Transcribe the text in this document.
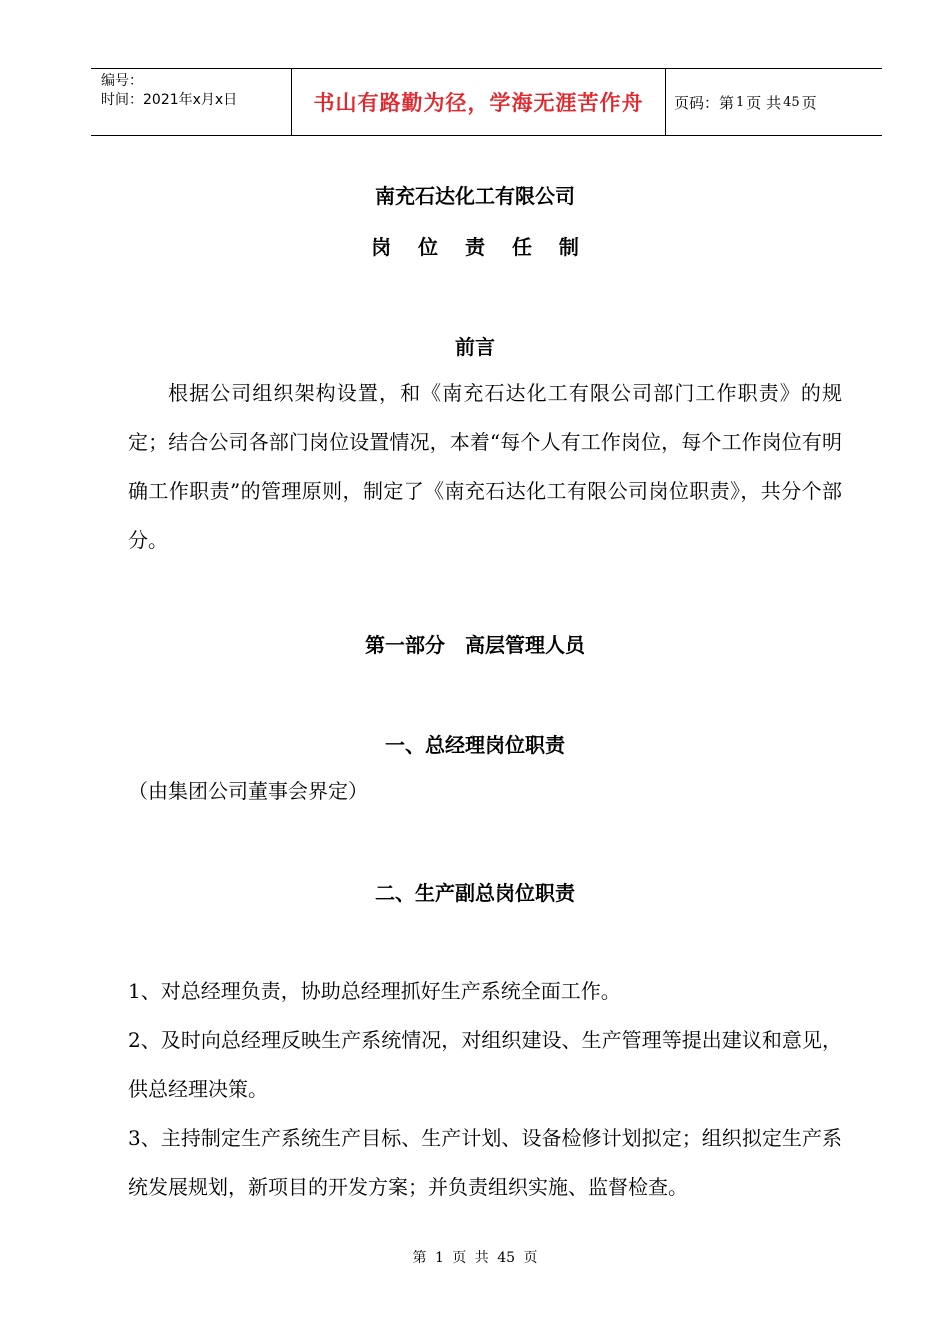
编号：
时间：2021年x月x日	书山有路勤为径，学海无涯苦作舟	页码：第 1 页 共 45 页
南充石达化工有限公司
岗 位 责 任 制
前言
根据公司组织架构设置，和《南充石达化工有限公司部门工作职责》的规定；结合公司各部门岗位设置情况，本着“每个人有工作岗位，每个工作岗位有明确工作职责”的管理原则，制定了《南充石达化工有限公司岗位职责》，共分个部分。
第一部分　高层管理人员
一、总经理岗位职责
（由集团公司董事会界定）
二、生产副总岗位职责
1、对总经理负责，协助总经理抓好生产系统全面工作。
2、及时向总经理反映生产系统情况，对组织建设、生产管理等提出建议和意见，供总经理决策。
3、主持制定生产系统生产目标、生产计划、设备检修计划拟定；组织拟定生产系统发展规划，新项目的开发方案；并负责组织实施、监督检查。
第 1 页 共 45 页
